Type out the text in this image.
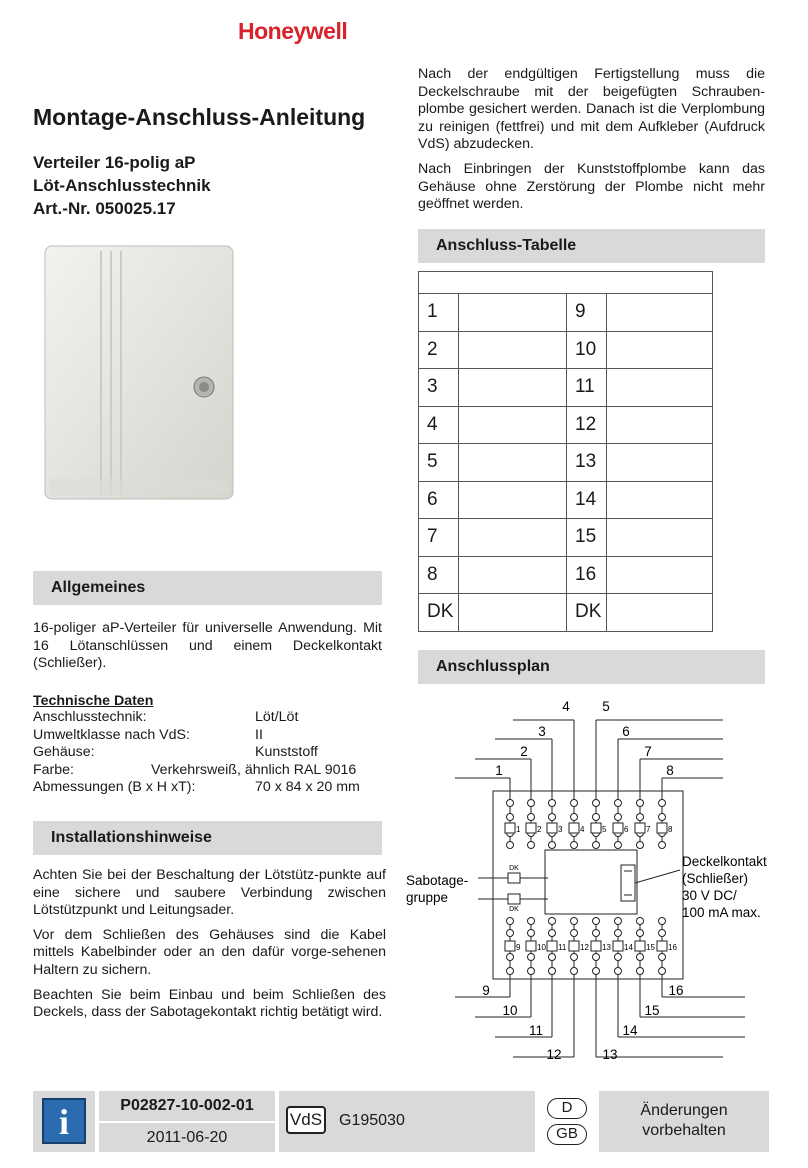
Honeywell
Montage-Anschluss-Anleitung
Verteiler 16-polig aP
Löt-Anschlusstechnik
Art.-Nr. 050025.17
Nach der endgültigen Fertigstellung muss die Deckelschraube mit der beigefügten Schrauben-plombe gesichert werden. Danach ist die Verplombung zu reinigen (fettfrei) und mit dem Aufkleber (Aufdruck VdS) abzudecken.
Nach Einbringen der Kunststoffplombe kann das Gehäuse ohne Zerstörung der Plombe nicht mehr geöffnet werden.
Allgemeines
16-poliger aP-Verteiler für universelle Anwendung. Mit 16 Lötanschlüssen und einem Deckelkontakt (Schließer).
Technische Daten
Anschlusstechnik:	Löt/Löt
Umweltklasse nach VdS:	II
Gehäuse:	Kunststoff
Farbe:	Verkehrsweiß, ähnlich RAL 9016
Abmessungen (B x H xT):	70 x 84 x 20 mm
Installationshinweise
Achten Sie bei der Beschaltung der Lötstütz-punkte auf eine sichere und saubere Verbindung zwischen Lötstützpunkt und Leitungsader.
Vor dem Schließen des Gehäuses sind die Kabel mittels Kabelbinder oder an den dafür vorge-sehenen Haltern zu sichern.
Beachten Sie beim Einbau und beim Schließen des Deckels, dass der Sabotagekontakt richtig betätigt wird.
Anschluss-Tabelle

1		9	
2		10	
3		11	
4		12	
5		13	
6		14	
7		15	
8		16	
DK		DK	
Anschlussplan
1
1
9
9
2
2
10
10
3
3
11
11
4
4
12
12
5
5
13
13
6
6
14
14
7
7
15
15
8
8
16
16
Sabotage-
gruppe
DK
DK
Deckelkontakt
(Schließer)
30 V DC/
100 mA max.
i	P02827-10-002-01
2011-06-20
VdS G195030
D
GB
Änderungen
vorbehalten
